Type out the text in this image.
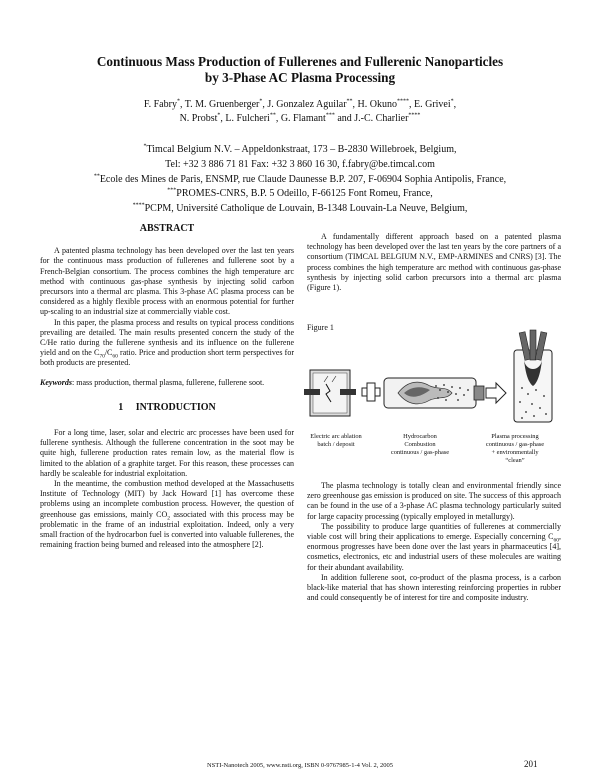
Continuous Mass Production of Fullerenes and Fullerenic Nanoparticles
by 3-Phase AC Plasma Processing
F. Fabry*, T. M. Gruenberger*, J. Gonzalez Aguilar**, H. Okuno****, E. Grivei*,
N. Probst*, L. Fulcheri**, G. Flamant*** and J.-C. Charlier****
*Timcal Belgium N.V. – Appeldonkstraat, 173 – B-2830 Willebroek, Belgium,
Tel: +32 3 886 71 81 Fax: +32 3 860 16 30, f.fabry@be.timcal.com
**Ecole des Mines de Paris, ENSMP, rue Claude Daunesse B.P. 207, F-06904 Sophia Antipolis, France,
***PROMES-CNRS, B.P. 5 Odeillo, F-66125 Font Romeu, France,
****PCPM, Université Catholique de Louvain, B-1348 Louvain-La Neuve, Belgium,
ABSTRACT

A patented plasma technology has been developed over the last ten years for the continuous mass production of fullerenes and fullerene soot by a French-Belgian consortium. The process combines the high temperature arc method with continuous gas-phase synthesis by injecting solid carbon precursors into a thermal arc plasma. This 3-phase AC plasma process can be considered as a highly flexible process with an enormous potential for further up-scaling to an industrial size at commercially viable cost.

In this paper, the plasma process and results on typical process conditions prevailing are detailed. The main results presented concern the study of the C/He ratio during the fullerene synthesis and its influence on the fullerene yield and on the $C_{70}/C_{60}$ ratio. Price and production short term perspectives for both products are presented.

Keywords: mass production, thermal plasma, fullerene, fullerene soot.

1 INTRODUCTION

For a long time, laser, solar and electric arc processes have been used for fullerene synthesis. Although the fullerene concentration in the soot may be quite high, fullerene production rates remain low, as the material flow is limited to the ablation of a graphite target. For this reason, these processes can hardly be scaleable for industrial exploitation.

In the meantime, the combustion method developed at the Massachusetts Institute of Technology (MIT) by Jack Howard [1] has overcome these problems using an incomplete combustion process. However, the question of greenhouse gas emissions, mainly $CO_2$ associated with this process may be problematic in the frame of an industrial exploitation. Indeed, only a very small fraction of the hydrocarbon fuel is converted into valuable fullerenes, the remaining fraction being burned and released into the atmosphere [2].

A fundamentally different approach based on a patented plasma technology has been developed over the last ten years by the core partners of a consortium (TIMCAL BELGIUM N.V., EMP-ARMINES and CNRS) [3]. The process combines the high temperature arc method with continuous gas-phase synthesis by injecting solid carbon precursors into a thermal arc plasma (Figure 1).

Figure 1
Electric arc ablation
batch / deposit
Hydrocarbon
Combustion
continuous / gas-phase
Plasma processing
continuous / gas-phase
+ environmentally
“clean”

The plasma technology is totally clean and environmental friendly since zero greenhouse gas emission is produced on site. The success of this approach can be found in the use of a 3-phase AC plasma technology particularly suited for large capacity processing (typically employed in metallurgy).

The possibility to produce large quantities of fullerenes at commercially viable cost will bring their applications to emerge. Especially concerning $C_{60}$, enormous progresses have been done over the last years in pharmaceutics [4], cosmetics, electronics, etc and industrial users of these molecules are waiting for their abundant availability.

In addition fullerene soot, co-product of the plasma process, is a carbon black-like material that has shown interesting reinforcing properties in rubber and could consequently be of interest for tire and composite industry.

NSTI-Nanotech 2005, www.nsti.org, ISBN 0-9767985-1-4 Vol. 2, 2005	201
